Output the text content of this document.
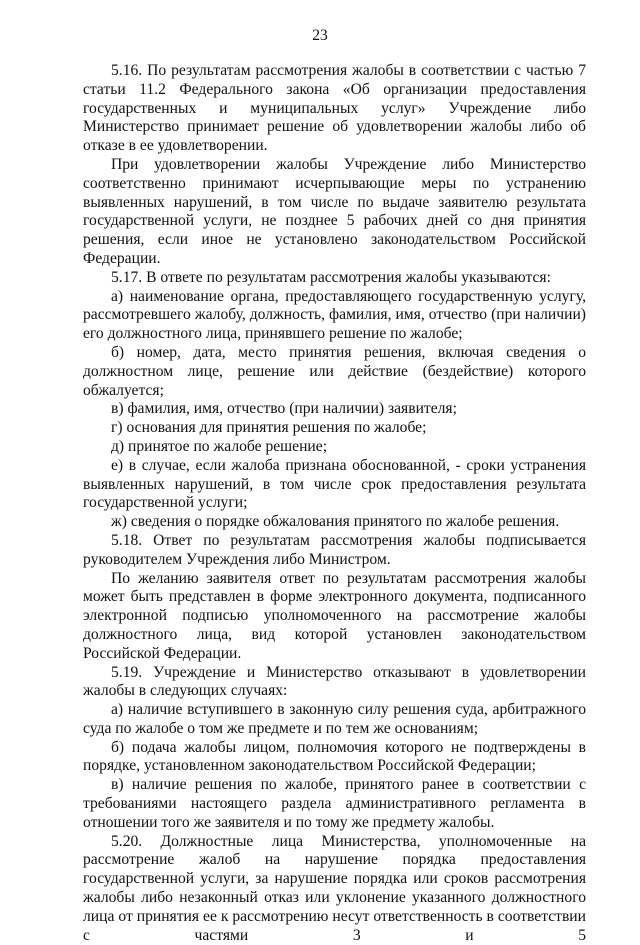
23

5.16. По результатам рассмотрения жалобы в соответствии с частью 7 статьи 11.2 Федерального закона «Об организации предоставления государственных и муниципальных услуг» Учреждение либо Министерство принимает решение об удовлетворении жалобы либо об отказе в ее удовлетворении.

При удовлетворении жалобы Учреждение либо Министерство соответственно принимают исчерпывающие меры по устранению выявленных нарушений, в том числе по выдаче заявителю результата государственной услуги, не позднее 5 рабочих дней со дня принятия решения, если иное не установлено законодательством Российской Федерации.

5.17. В ответе по результатам рассмотрения жалобы указываются:

а) наименование органа, предоставляющего государственную услугу, рассмотревшего жалобу, должность, фамилия, имя, отчество (при наличии) его должностного лица, принявшего решение по жалобе;

б) номер, дата, место принятия решения, включая сведения о должностном лице, решение или действие (бездействие) которого обжалуется;

в) фамилия, имя, отчество (при наличии) заявителя;

г) основания для принятия решения по жалобе;

д) принятое по жалобе решение;

е) в случае, если жалоба признана обоснованной, - сроки устранения выявленных нарушений, в том числе срок предоставления результата государственной услуги;

ж) сведения о порядке обжалования принятого по жалобе решения.

5.18. Ответ по результатам рассмотрения жалобы подписывается руководителем Учреждения либо Министром.

По желанию заявителя ответ по результатам рассмотрения жалобы может быть представлен в форме электронного документа, подписанного электронной подписью уполномоченного на рассмотрение жалобы должностного лица, вид которой установлен законодательством Российской Федерации.

5.19. Учреждение и Министерство отказывают в удовлетворении жалобы в следующих случаях:

а) наличие вступившего в законную силу решения суда, арбитражного суда по жалобе о том же предмете и по тем же основаниям;

б) подача жалобы лицом, полномочия которого не подтверждены в порядке, установленном законодательством Российской Федерации;

в) наличие решения по жалобе, принятого ранее в соответствии с требованиями настоящего раздела административного регламента в отношении того же заявителя и по тому же предмету жалобы.

5.20. Должностные лица Министерства, уполномоченные на рассмотрение жалоб на нарушение порядка предоставления государственной услуги, за нарушение порядка или сроков рассмотрения жалобы либо незаконный отказ или уклонение указанного должностного лица от принятия ее к рассмотрению несут ответственность в соответствии с частями 3 и 5
